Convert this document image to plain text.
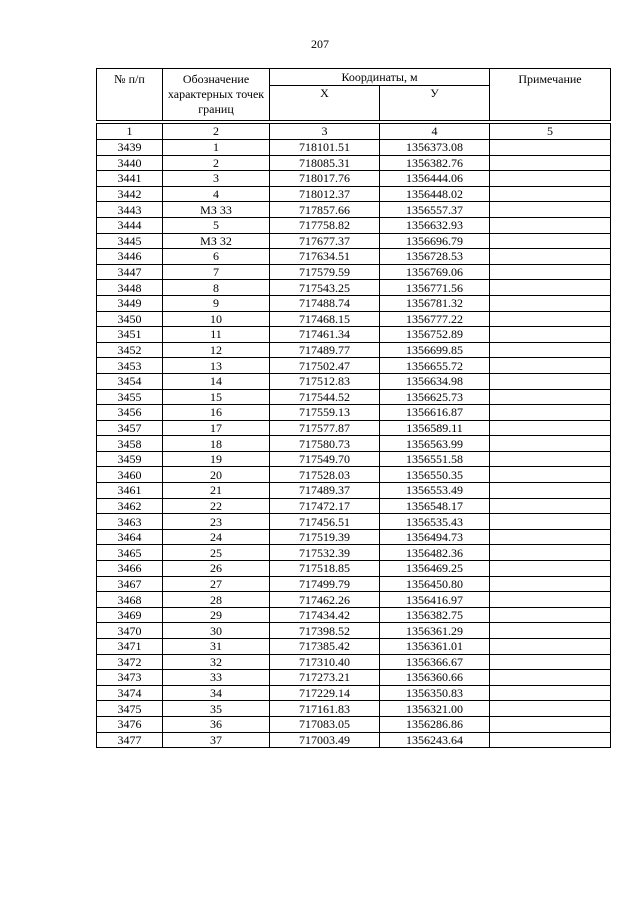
207
№ п/п	Обозначение характерных точек границ	Координаты, м		Примечание
		Х	У	

1	2	3	4	5
3439	1	718101.51	1356373.08	
3440	2	718085.31	1356382.76	
3441	3	718017.76	1356444.06	
3442	4	718012.37	1356448.02	
3443	МЗ 33	717857.66	1356557.37	
3444	5	717758.82	1356632.93	
3445	МЗ 32	717677.37	1356696.79	
3446	6	717634.51	1356728.53	
3447	7	717579.59	1356769.06	
3448	8	717543.25	1356771.56	
3449	9	717488.74	1356781.32	
3450	10	717468.15	1356777.22	
3451	11	717461.34	1356752.89	
3452	12	717489.77	1356699.85	
3453	13	717502.47	1356655.72	
3454	14	717512.83	1356634.98	
3455	15	717544.52	1356625.73	
3456	16	717559.13	1356616.87	
3457	17	717577.87	1356589.11	
3458	18	717580.73	1356563.99	
3459	19	717549.70	1356551.58	
3460	20	717528.03	1356550.35	
3461	21	717489.37	1356553.49	
3462	22	717472.17	1356548.17	
3463	23	717456.51	1356535.43	
3464	24	717519.39	1356494.73	
3465	25	717532.39	1356482.36	
3466	26	717518.85	1356469.25	
3467	27	717499.79	1356450.80	
3468	28	717462.26	1356416.97	
3469	29	717434.42	1356382.75	
3470	30	717398.52	1356361.29	
3471	31	717385.42	1356361.01	
3472	32	717310.40	1356366.67	
3473	33	717273.21	1356360.66	
3474	34	717229.14	1356350.83	
3475	35	717161.83	1356321.00	
3476	36	717083.05	1356286.86	
3477	37	717003.49	1356243.64	
